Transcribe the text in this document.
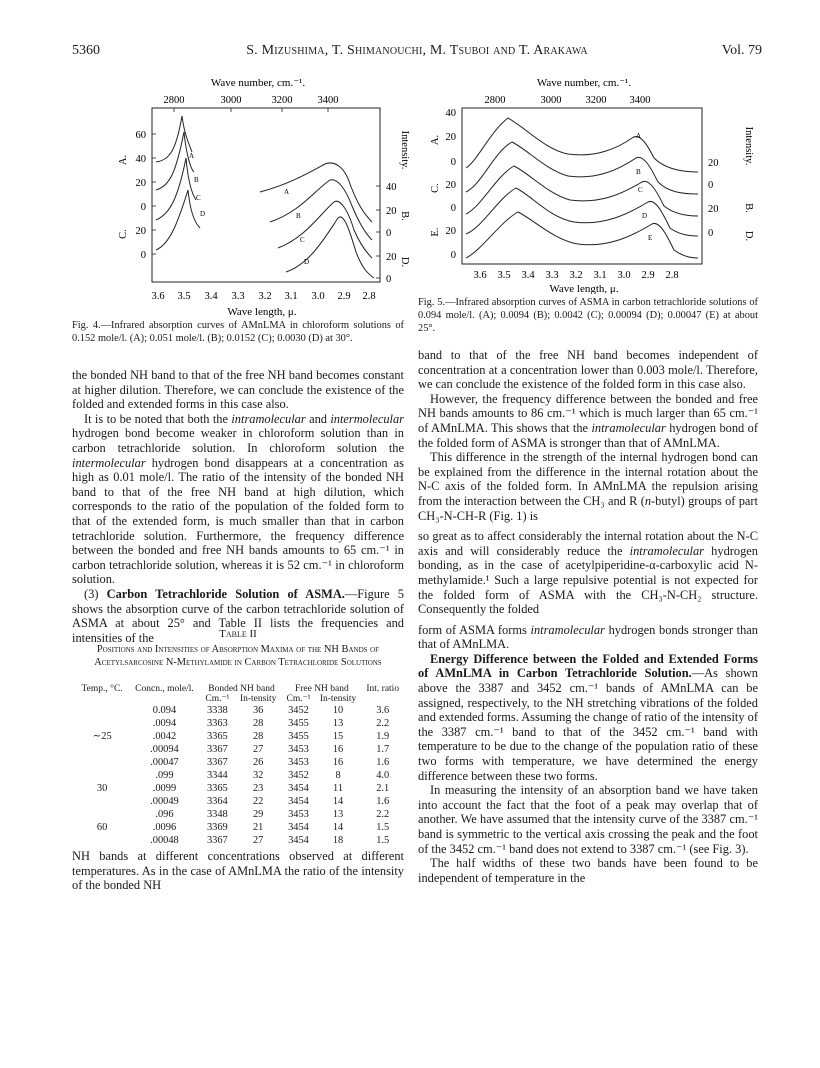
5360	S. Mizushima, T. Shimanouchi, M. Tsuboi and T. Arakawa	Vol. 79
Wave number, cm.⁻¹.
2800	3000	3200 3400
60
40
20
0
20
0
A.
C.
40
20
0
20
0
Intensity.
B.
D.
A
B
C
D
A
B
C
D
3.6 3.5 3.4 3.3 3.2 3.1 3.0 2.9 2.8
Wave length, μ.
Fig. 4.—Infrared absorption curves of AMnLMA in chloroform solutions of 0.152 mole/l. (A); 0.051 mole/l. (B); 0.0152 (C); 0.0030 (D) at 30°.
Wave number, cm.⁻¹.
2800	3000 3200 3400
40
20
0
20
0
20
0
A.
C.
E.
20
0
20
0
Intensity.
B.
D.
A
B
C
D
E
3.6 3.5 3.4 3.3 3.2 3.1 3.0 2.9 2.8
Wave length, μ.
Fig. 5.—Infrared absorption curves of ASMA in carbon tetrachloride solutions of 0.094 mole/l. (A); 0.0094 (B); 0.0042 (C); 0.00094 (D); 0.00047 (E) at about 25°.

the bonded NH band to that of the free NH band becomes constant at higher dilution. Therefore, we can conclude the existence of the folded and extended forms in this case also.

It is to be noted that both the intramolecular and intermolecular hydrogen bond become weaker in chloroform solution than in carbon tetrachloride solution. In chloroform solution the intermolecular hydrogen bond disappears at a concentration as high as 0.01 mole/l. The ratio of the intensity of the bonded NH band to that of the free NH band at high dilution, which corresponds to the ratio of the population of the folded form to that of the extended form, is much smaller than that in carbon tetrachloride solution. Furthermore, the frequency difference between the bonded and free NH bands amounts to 65 cm.⁻¹ in carbon tetrachloride solution, whereas it is 52 cm.⁻¹ in chloroform solution.

(3) Carbon Tetrachloride Solution of ASMA.—Figure 5 shows the absorption curve of the carbon tetrachloride solution of ASMA at about 25° and Table II lists the frequencies and intensities of the	Table II
Positions and Intensities of Absorption Maxima of the NH Bands of Acetylsarcosine N-Methylamide in Carbon Tetrachloride Solutions
Temp., °C.	Concn., mole/l.	Bonded NH band		Free NH band		Int. ratio
		Cm.⁻¹	In-tensity	Cm.⁻¹	In-tensity	
	0.094	3338	36	3452	10	3.6
	.0094	3363	28	3455	13	2.2
∼25	.0042	3365	28	3455	15	1.9
	.00094	3367	27	3453	16	1.7
	.00047	3367	26	3453	16	1.6
	.099	3344	32	3452	8	4.0
30	.0099	3365	23	3454	11	2.1
	.00049	3364	22	3454	14	1.6
	.096	3348	29	3453	13	2.2
60	.0096	3369	21	3454	14	1.5
	.00048	3367	27	3454	18	1.5

NH bands at different concentrations observed at different temperatures. As in the case of AMnLMA the ratio of the intensity of the bonded NH

band to that of the free NH band becomes independent of concentration at a concentration lower than 0.003 mole/l. Therefore, we can conclude the existence of the folded form in this case also.

However, the frequency difference between the bonded and free NH bands amounts to 86 cm.⁻¹ which is much larger than 65 cm.⁻¹ of AMnLMA. This shows that the intramolecular hydrogen bond of the folded form of ASMA is stronger than that of AMnLMA.

This difference in the strength of the internal hydrogen bond can be explained from the difference in the internal rotation about the N-C axis of the folded form. In AMnLMA the repulsion arising from the interaction between the CH₃ and R (n-butyl) groups of part CH₃-N-CH-R (Fig. 1) is

so great as to affect considerably the internal rotation about the N-C axis and will considerably reduce the intramolecular hydrogen bonding, as in the case of acetylpiperidine-α-carboxylic acid N-methylamide.¹ Such a large repulsive potential is not expected for the folded form of ASMA with the CH₃-N-CH₂ structure. Consequently the folded

form of ASMA forms intramolecular hydrogen bonds stronger than that of AMnLMA.

Energy Difference between the Folded and Extended Forms of AMnLMA in Carbon Tetrachloride Solution.—As shown above the 3387 and 3452 cm.⁻¹ bands of AMnLMA can be assigned, respectively, to the NH stretching vibrations of the folded and extended forms. Assuming the change of ratio of the intensity of the 3387 cm.⁻¹ band to that of the 3452 cm.⁻¹ band with temperature to be due to the change of the population ratio of these two forms with temperature, we have determined the energy difference between these two forms.

In measuring the intensity of an absorption band we have taken into account the fact that the foot of a peak may overlap that of another. We have assumed that the intensity curve of the 3387 cm.⁻¹ band is symmetric to the vertical axis crossing the peak and the foot of the 3452 cm.⁻¹ band does not extend to 3387 cm.⁻¹ (see Fig. 3).

The half widths of these two bands have been found to be independent of temperature in the
